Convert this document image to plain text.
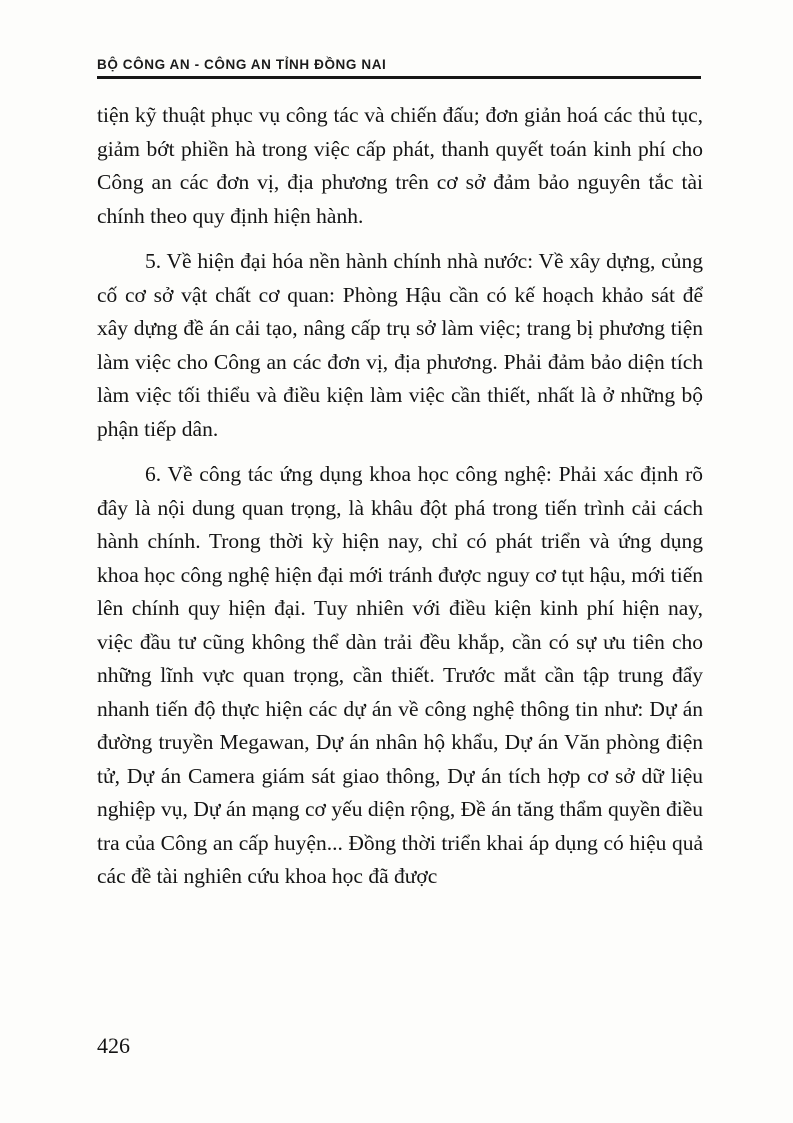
BỘ CÔNG AN - CÔNG AN TỈNH ĐỒNG NAI

tiện kỹ thuật phục vụ công tác và chiến đấu; đơn giản hoá các thủ tục, giảm bớt phiền hà trong việc cấp phát, thanh quyết toán kinh phí cho Công an các đơn vị, địa phương trên cơ sở đảm bảo nguyên tắc tài chính theo quy định hiện hành.

5. Về hiện đại hóa nền hành chính nhà nước: Về xây dựng, củng cố cơ sở vật chất cơ quan: Phòng Hậu cần có kế hoạch khảo sát để xây dựng đề án cải tạo, nâng cấp trụ sở làm việc; trang bị phương tiện làm việc cho Công an các đơn vị, địa phương. Phải đảm bảo diện tích làm việc tối thiểu và điều kiện làm việc cần thiết, nhất là ở những bộ phận tiếp dân.

6. Về công tác ứng dụng khoa học công nghệ: Phải xác định rõ đây là nội dung quan trọng, là khâu đột phá trong tiến trình cải cách hành chính. Trong thời kỳ hiện nay, chỉ có phát triển và ứng dụng khoa học công nghệ hiện đại mới tránh được nguy cơ tụt hậu, mới tiến lên chính quy hiện đại. Tuy nhiên với điều kiện kinh phí hiện nay, việc đầu tư cũng không thể dàn trải đều khắp, cần có sự ưu tiên cho những lĩnh vực quan trọng, cần thiết. Trước mắt cần tập trung đẩy nhanh tiến độ thực hiện các dự án về công nghệ thông tin như: Dự án đường truyền Megawan, Dự án nhân hộ khẩu, Dự án Văn phòng điện tử, Dự án Camera giám sát giao thông, Dự án tích hợp cơ sở dữ liệu nghiệp vụ, Dự án mạng cơ yếu diện rộng, Đề án tăng thẩm quyền điều tra của Công an cấp huyện... Đồng thời triển khai áp dụng có hiệu quả các đề tài nghiên cứu khoa học đã được

426
